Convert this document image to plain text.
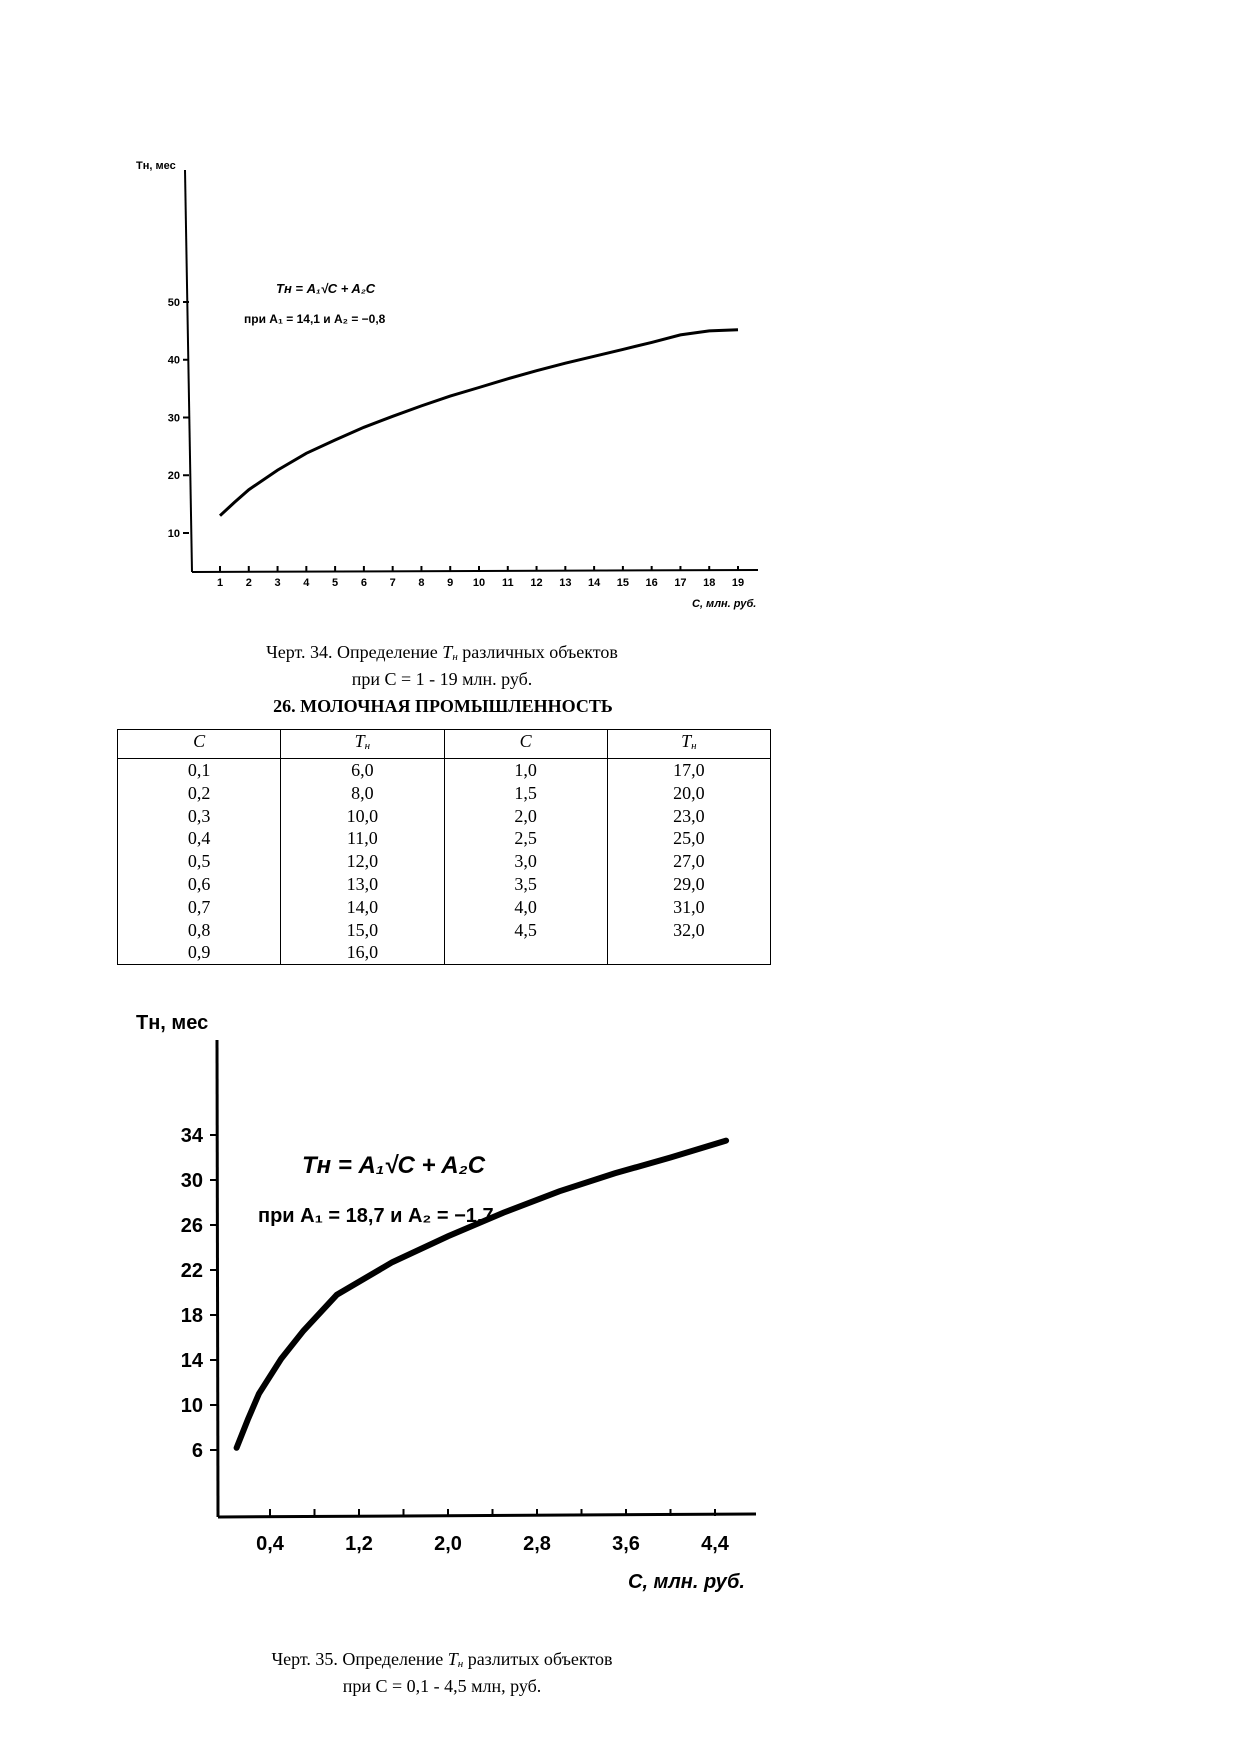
Tн, мес
C, млн. руб.
Tн = A₁√C + A₂C
при A₁ = 14,1 и A₂ = −0,8
10
20
30
40
50
1 2 3 4 5 6 7 8 9 10 11 12 13 14 15 16 17 18 19
Черт. 34. Определение $T_н$ различных объектов
при С = 1 - 19 млн. руб.
26. МОЛОЧНАЯ ПРОМЫШЛЕННОСТЬ
C	$T_н$	C	$T_н$
0,1	6,0	1,0	17,0
0,2	8,0	1,5	20,0
0,3	10,0	2,0	23,0
0,4	11,0	2,5	25,0
0,5	12,0	3,0	27,0
0,6	13,0	3,5	29,0
0,7	14,0	4,0	31,0
0,8	15,0	4,5	32,0
0,9	16,0		
Tн, мес
C, млн. руб.
Tн = A₁√C + A₂C
при A₁ = 18,7 и A₂ = −1,7
6
10
14
18
22
26
30
34
0,4	1,2	2,0	2,8	3,6	4,4
Черт. 35. Определение $T_н$ разлитых объектов
при С = 0,1 - 4,5 млн, руб.
